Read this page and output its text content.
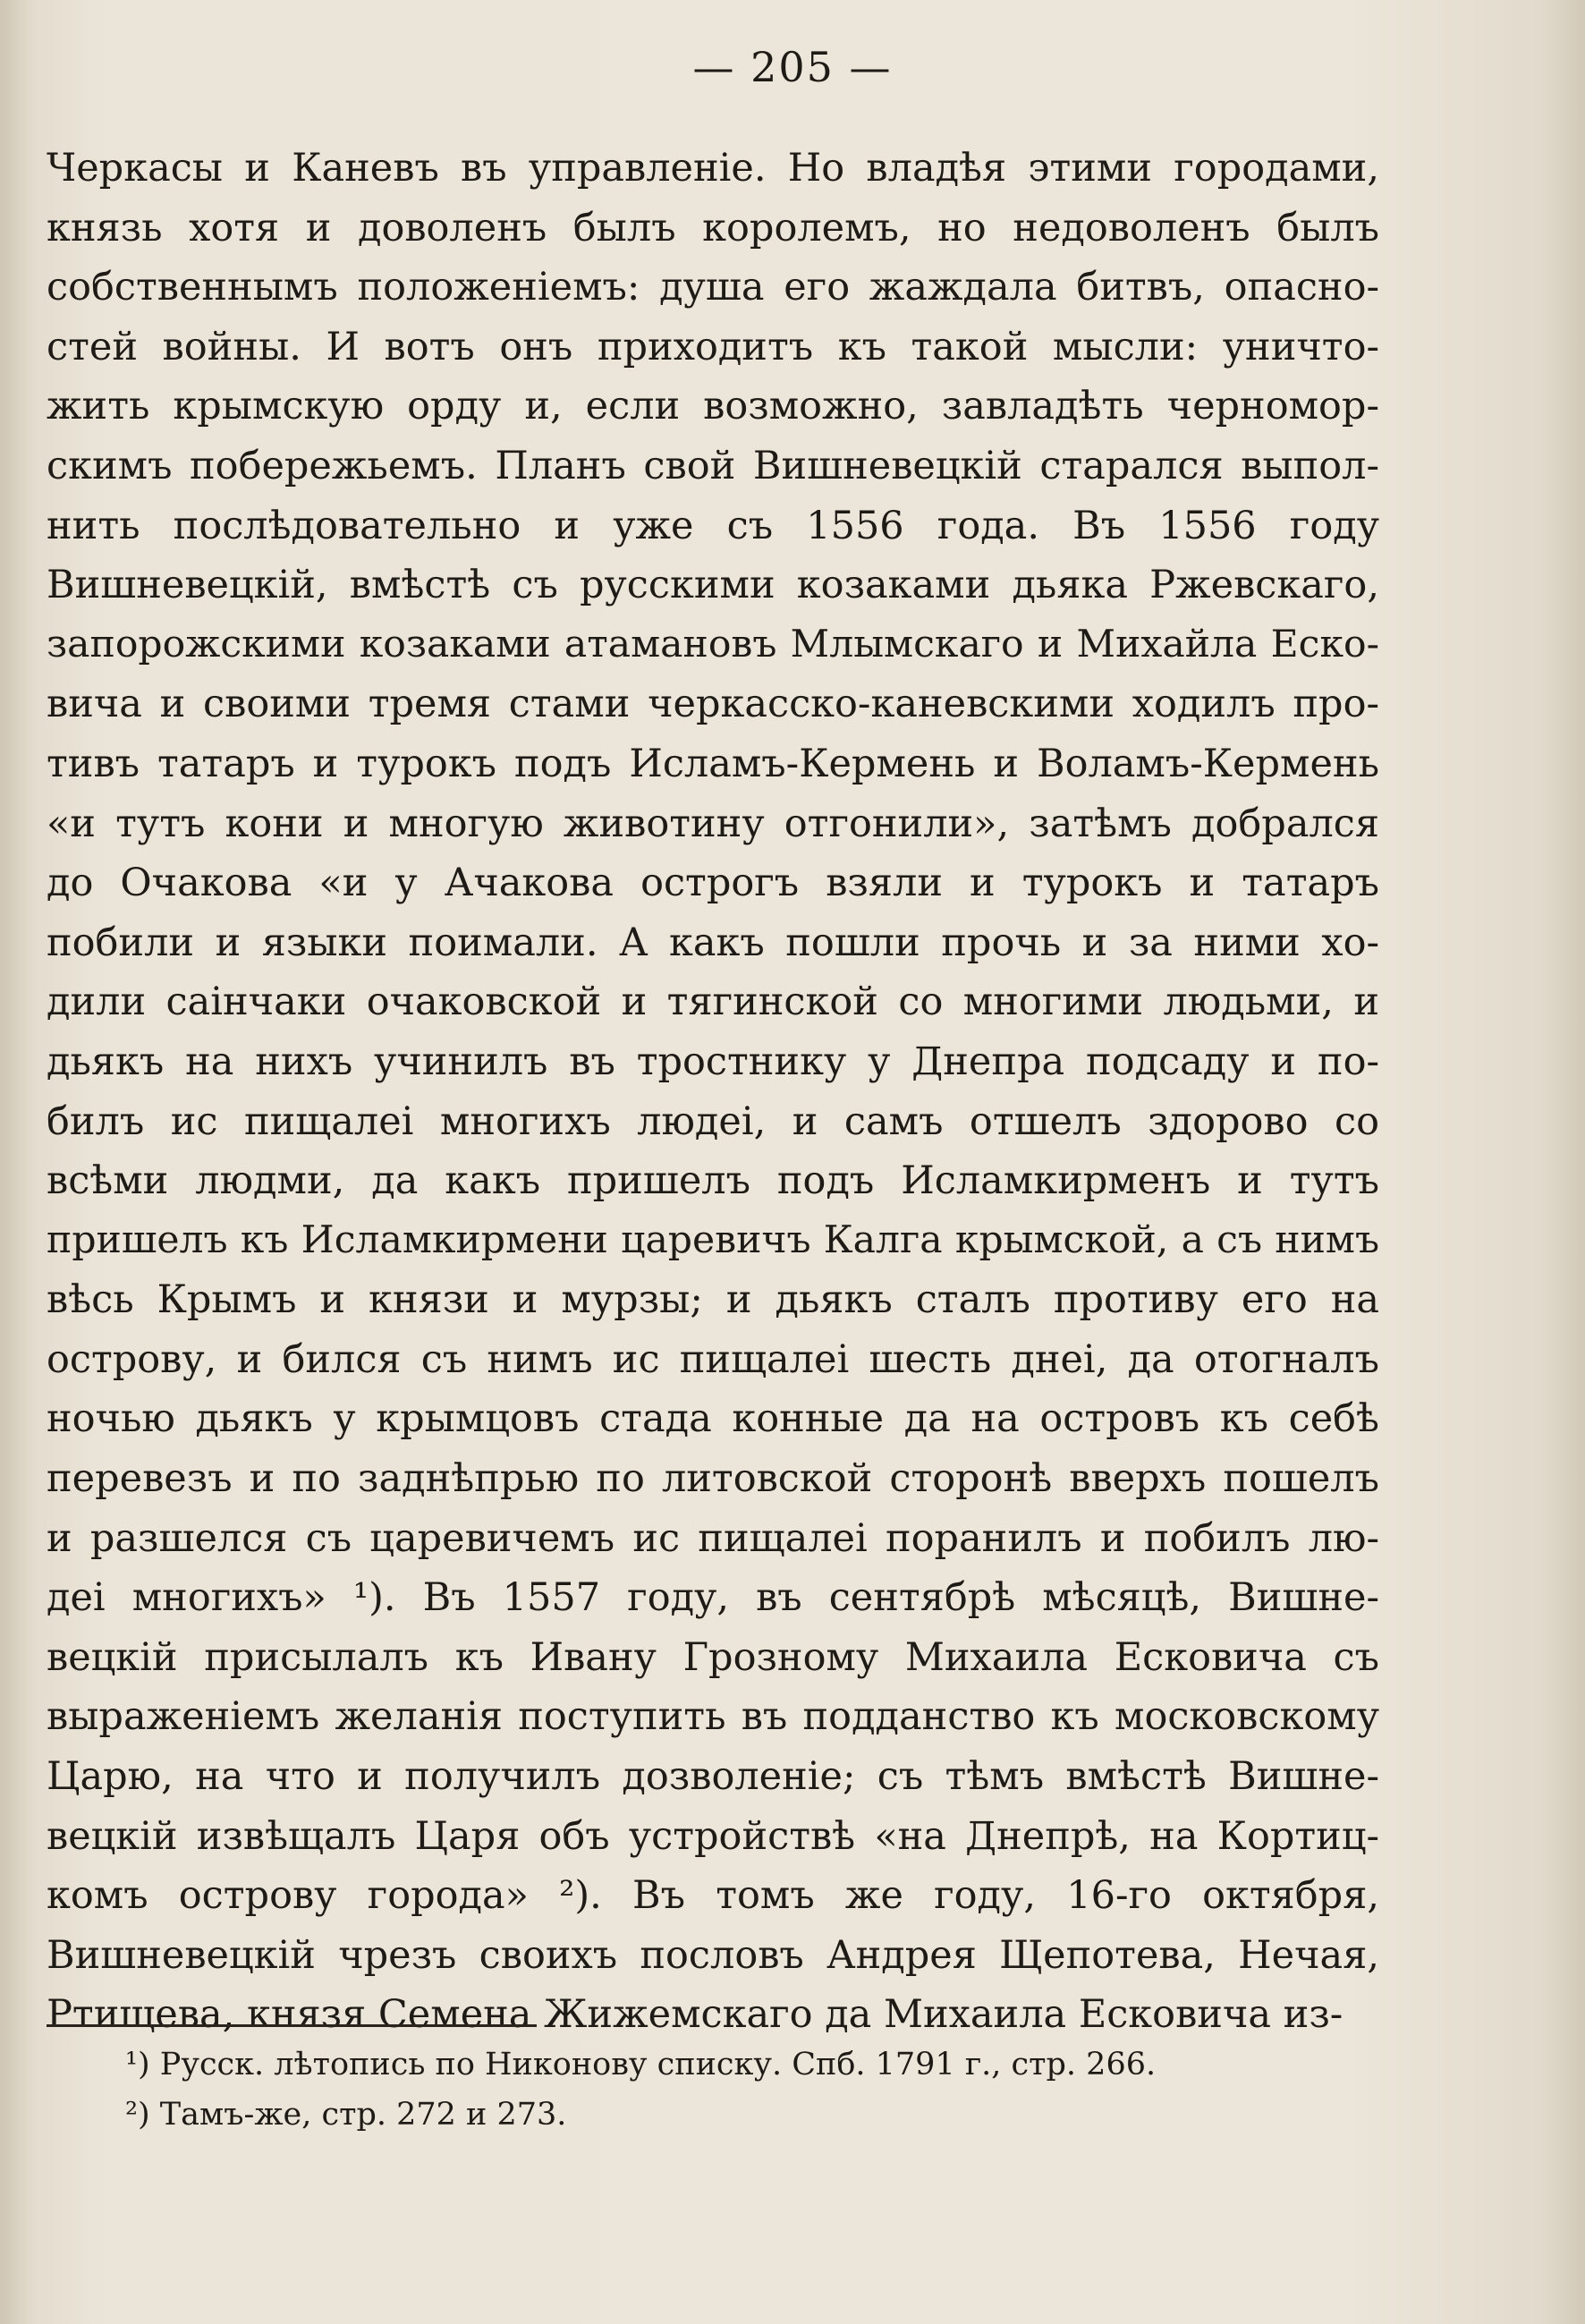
— 205 —
Черкасы и Каневъ въ управленіе. Но владѣя этими городами,
князь хотя и доволенъ былъ королемъ, но недоволенъ былъ
собственнымъ положеніемъ: душа его жаждала битвъ, опасно-
стей войны. И вотъ онъ приходитъ къ такой мысли: уничто-
жить крымскую орду и, если возможно, завладѣть черномор-
скимъ побережьемъ. Планъ свой Вишневецкій старался выпол-
нить послѣдовательно и уже съ 1556 года. Въ 1556 году
Вишневецкій, вмѣстѣ съ русскими козаками дьяка Ржевскаго,
запорожскими козаками атамановъ Млымскаго и Михайла Еско-
вича и своими тремя стами черкасско-каневскими ходилъ про-
тивъ татаръ и турокъ подъ Исламъ-Кермень и Воламъ-Кермень
«и тутъ кони и многую животину отгонили», затѣмъ добрался
до Очакова «и у Ачакова острогъ взяли и турокъ и татаръ
побили и языки поимали. А какъ пошли прочь и за ними хо-
дили саінчаки очаковской и тягинской со многими людьми, и
дьякъ на нихъ учинилъ въ тростнику у Днепра подсаду и по-
билъ ис пищалеі многихъ людеі, и самъ отшелъ здорово со
всѣми людми, да какъ пришелъ подъ Исламкирменъ и тутъ
пришелъ къ Исламкирмени царевичъ Калга крымской, а съ нимъ
вѣсь Крымъ и князи и мурзы; и дьякъ сталъ противу его на
острову, и бился съ нимъ ис пищалеі шесть днеі, да отогналъ
ночью дьякъ у крымцовъ стада конные да на островъ къ себѣ
перевезъ и по заднѣпрью по литовской сторонѣ вверхъ пошелъ
и разшелся съ царевичемъ ис пищалеі поранилъ и побилъ лю-
деі многихъ» ¹). Въ 1557 году, въ сентябрѣ мѣсяцѣ, Вишне-
вецкій присылалъ къ Ивану Грозному Михаила Есковича съ
выраженіемъ желанія поступить въ подданство къ московскому
Царю, на что и получилъ дозволеніе; съ тѣмъ вмѣстѣ Вишне-
вецкій извѣщалъ Царя объ устройствѣ «на Днепрѣ, на Кортиц-
комъ острову города» ²). Въ томъ же году, 16-го октября,
Вишневецкій чрезъ своихъ пословъ Андрея Щепотева, Нечая,
Ртищева, князя Семена Жижемскаго да Михаила Есковича из-
¹) Русск. лѣтопись по Никонову списку. Спб. 1791 г., стр. 266.
²) Тамъ-же, стр. 272 и 273.
